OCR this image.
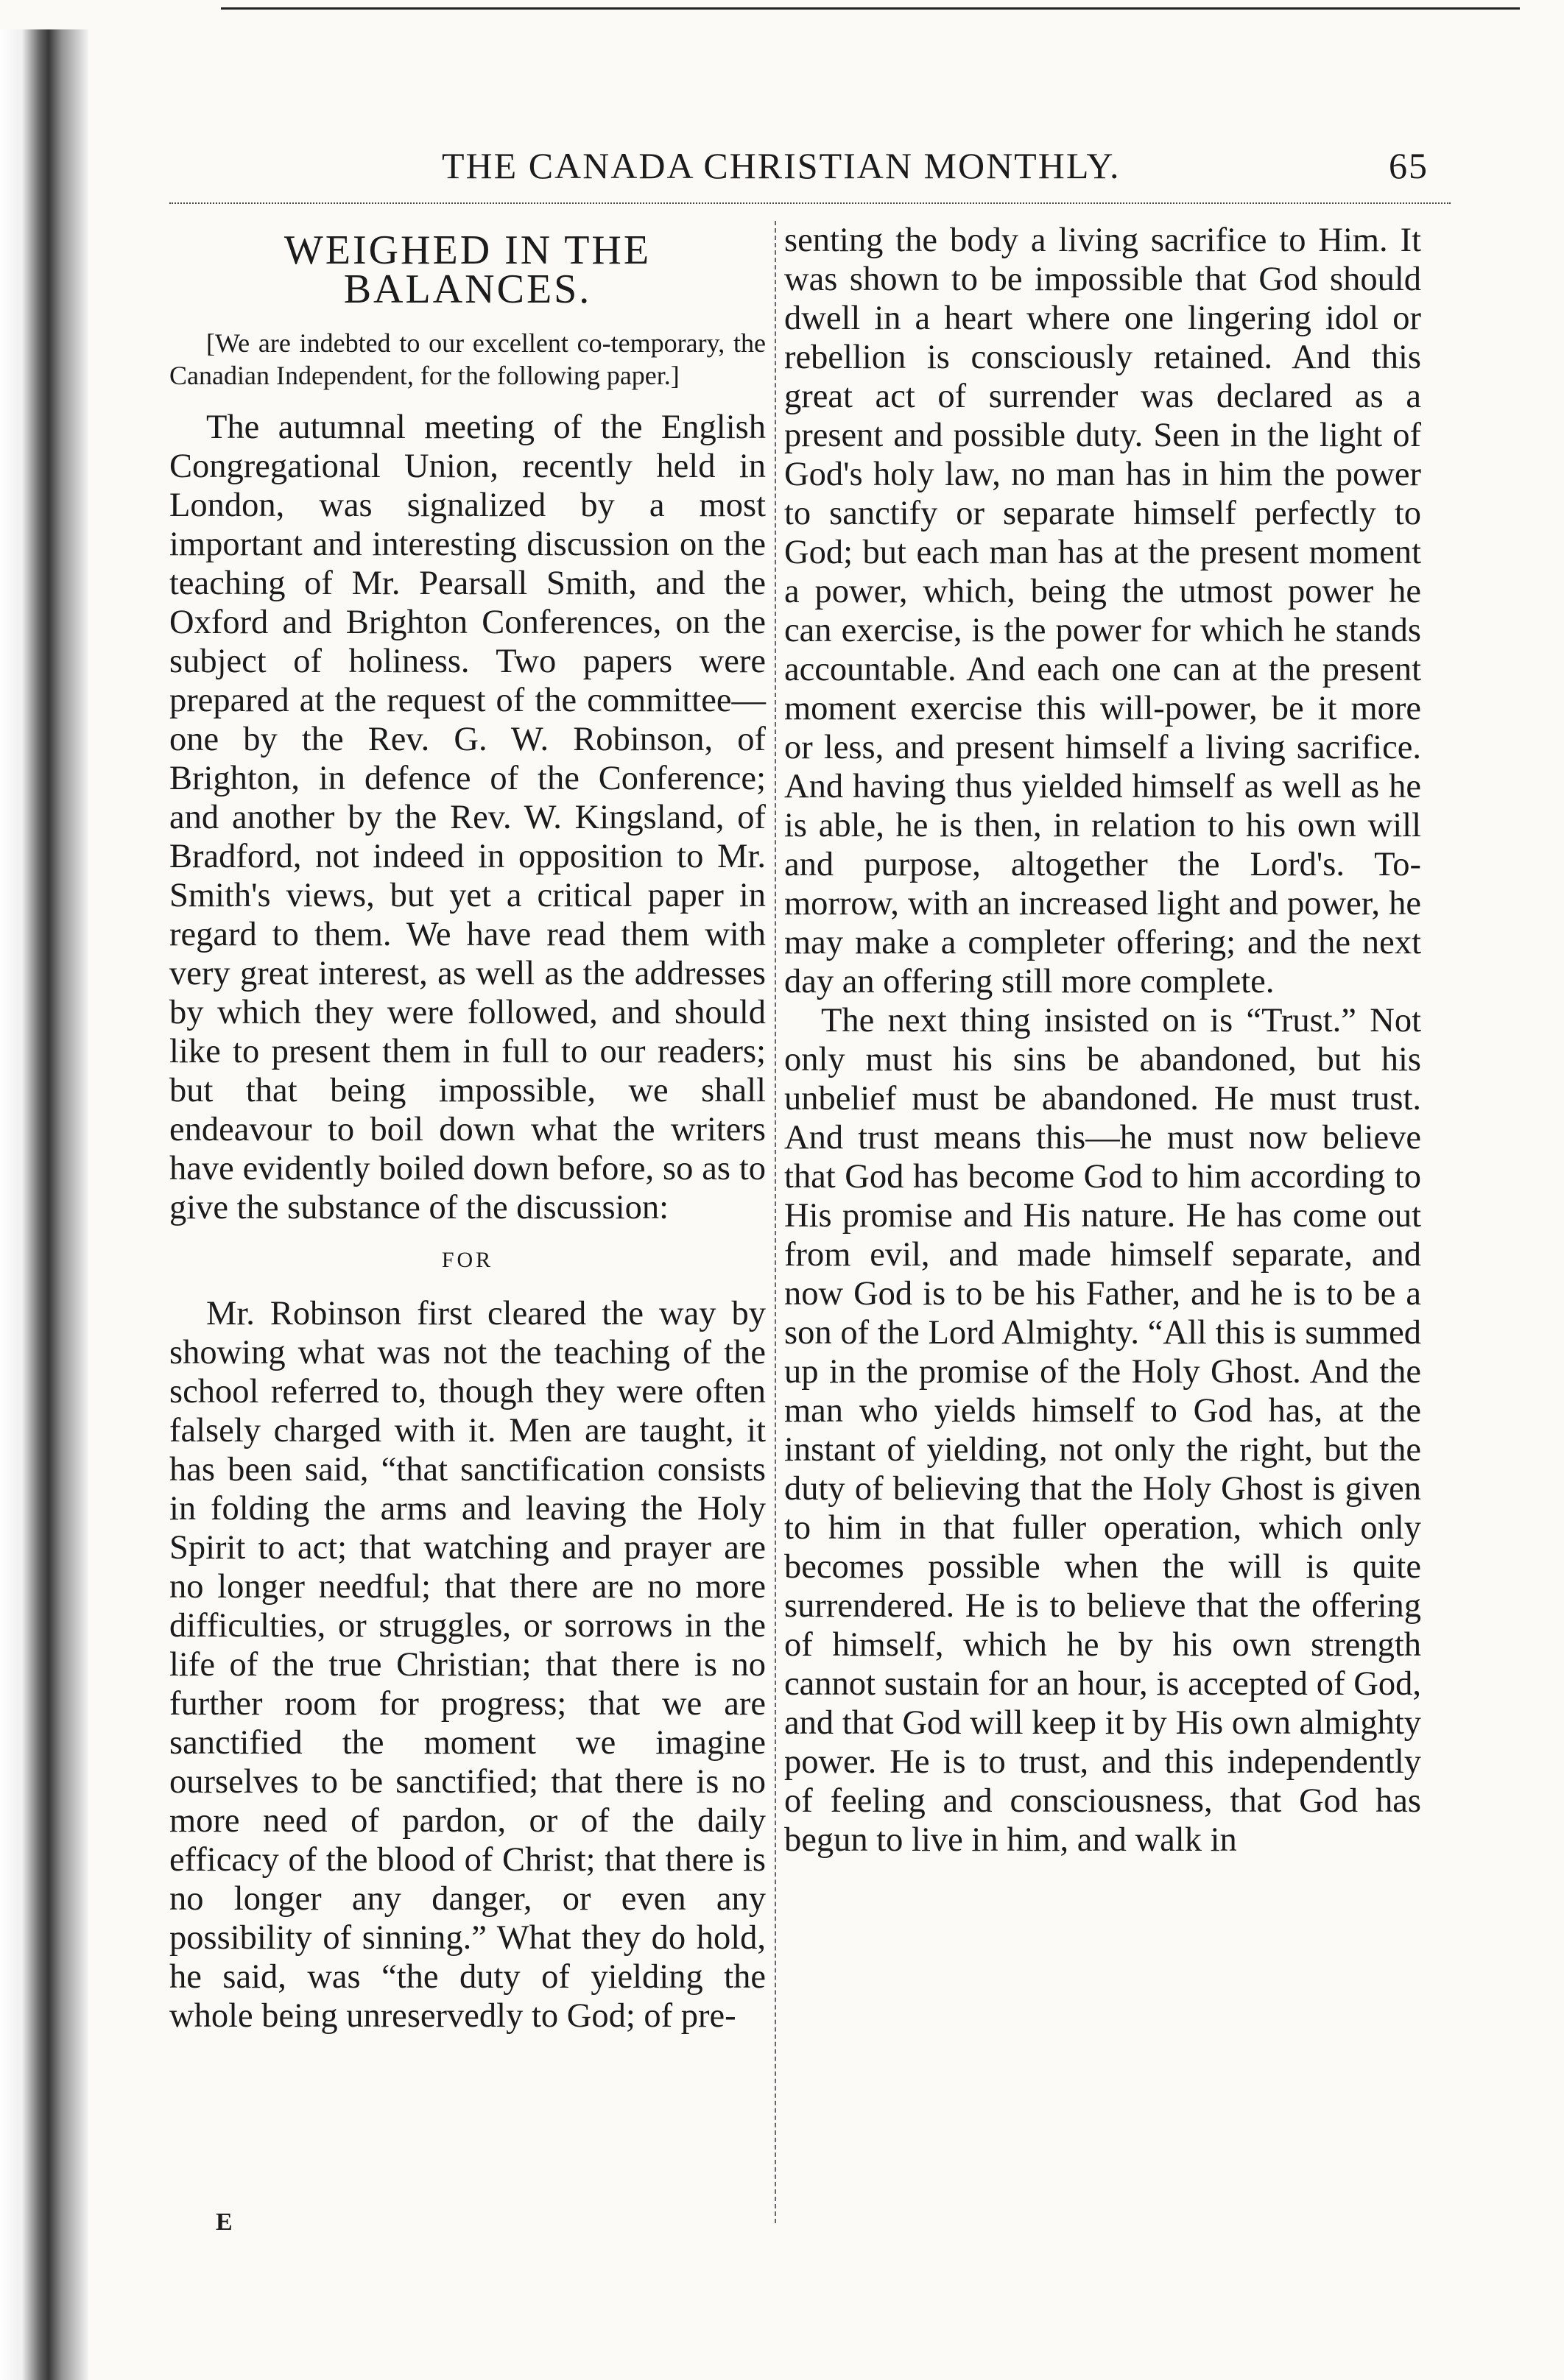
THE CANADA CHRISTIAN MONTHLY.	65

WEIGHED IN THE BALANCES.

[We are indebted to our excellent co-temporary, the Canadian Independent, for the following paper.]

The autumnal meeting of the English Congregational Union, recently held in London, was signalized by a most important and interesting discussion on the teaching of Mr. Pearsall Smith, and the Oxford and Brighton Conferences, on the subject of holiness. Two papers were prepared at the request of the committee—one by the Rev. G. W. Robinson, of Brighton, in defence of the Conference; and another by the Rev. W. Kingsland, of Bradford, not indeed in opposition to Mr. Smith's views, but yet a critical paper in regard to them. We have read them with very great interest, as well as the addresses by which they were followed, and should like to present them in full to our readers; but that being impossible, we shall endeavour to boil down what the writers have evidently boiled down before, so as to give the substance of the discussion:

FOR

Mr. Robinson first cleared the way by showing what was not the teaching of the school referred to, though they were often falsely charged with it. Men are taught, it has been said, “that sanctification consists in folding the arms and leaving the Holy Spirit to act; that watching and prayer are no longer needful; that there are no more difficulties, or struggles, or sorrows in the life of the true Christian; that there is no further room for progress; that we are sanctified the moment we imagine ourselves to be sanctified; that there is no more need of pardon, or of the daily efficacy of the blood of Christ; that there is no longer any danger, or even any possibility of sinning.” What they do hold, he said, was “the duty of yielding the whole being unreservedly to God; of pre-

senting the body a living sacrifice to Him. It was shown to be impossible that God should dwell in a heart where one lingering idol or rebellion is consciously retained. And this great act of surrender was declared as a present and possible duty. Seen in the light of God's holy law, no man has in him the power to sanctify or separate himself perfectly to God; but each man has at the present moment a power, which, being the utmost power he can exercise, is the power for which he stands accountable. And each one can at the present moment exercise this will-power, be it more or less, and present himself a living sacrifice. And having thus yielded himself as well as he is able, he is then, in relation to his own will and purpose, altogether the Lord's. To-morrow, with an increased light and power, he may make a completer offering; and the next day an offering still more complete.

The next thing insisted on is “Trust.” Not only must his sins be abandoned, but his unbelief must be abandoned. He must trust. And trust means this—he must now believe that God has become God to him according to His promise and His nature. He has come out from evil, and made himself separate, and now God is to be his Father, and he is to be a son of the Lord Almighty. “All this is summed up in the promise of the Holy Ghost. And the man who yields himself to God has, at the instant of yielding, not only the right, but the duty of believing that the Holy Ghost is given to him in that fuller operation, which only becomes possible when the will is quite surrendered. He is to believe that the offering of himself, which he by his own strength cannot sustain for an hour, is accepted of God, and that God will keep it by His own almighty power. He is to trust, and this independently of feeling and consciousness, that God has begun to live in him, and walk in

E
